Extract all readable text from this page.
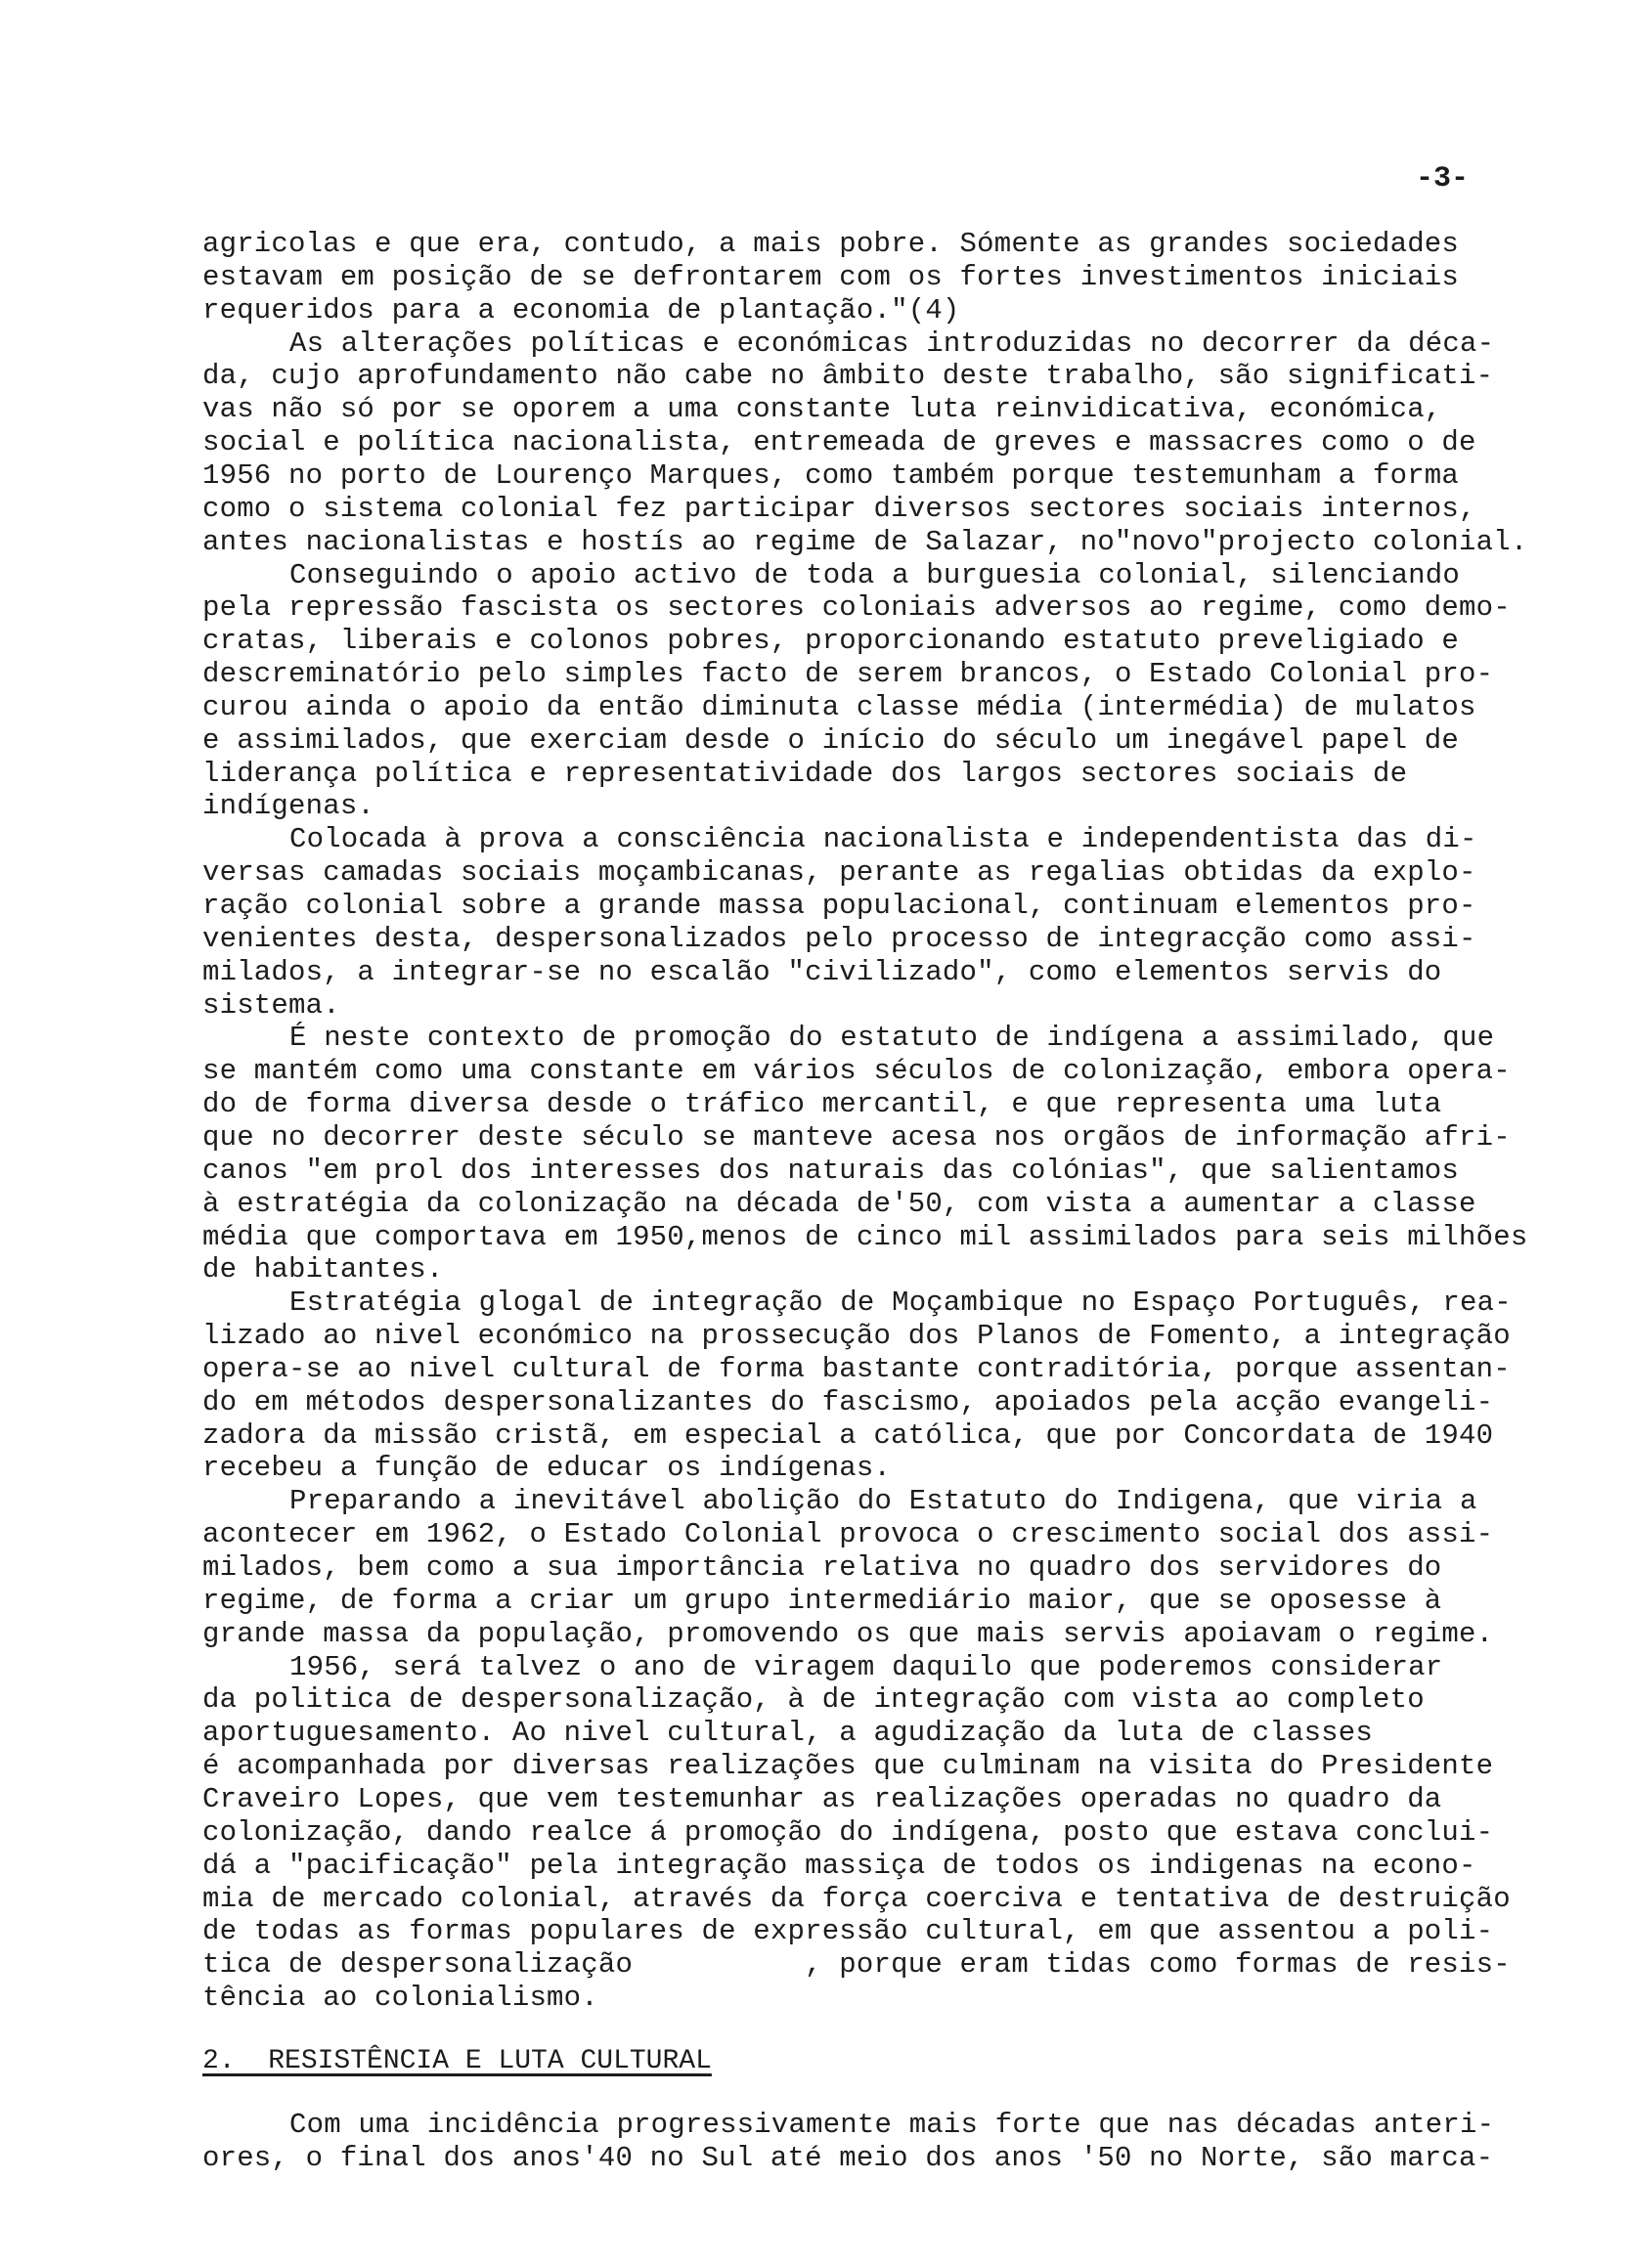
-3-
agricolas e que era, contudo, a mais pobre. Sómente as grandes sociedades
estavam em posição de se defrontarem com os fortes investimentos iniciais
requeridos para a economia de plantação."(4)
As alterações políticas e económicas introduzidas no decorrer da déca-
da, cujo aprofundamento não cabe no âmbito deste trabalho, são significati-
vas não só por se oporem a uma constante luta reinvidicativa, económica,
social e política nacionalista, entremeada de greves e massacres como o de
1956 no porto de Lourenço Marques, como também porque testemunham a forma
como o sistema colonial fez participar diversos sectores sociais internos,
antes nacionalistas e hostís ao regime de Salazar, no"novo"projecto colonial.
Conseguindo o apoio activo de toda a burguesia colonial, silenciando
pela repressão fascista os sectores coloniais adversos ao regime, como demo-
cratas, liberais e colonos pobres, proporcionando estatuto preveligiado e
descreminatório pelo simples facto de serem brancos, o Estado Colonial pro-
curou ainda o apoio da então diminuta classe média (intermédia) de mulatos
e assimilados, que exerciam desde o início do século um inegável papel de
liderança política e representatividade dos largos sectores sociais de
indígenas.
Colocada à prova a consciência nacionalista e independentista das di-
versas camadas sociais moçambicanas, perante as regalias obtidas da explo-
ração colonial sobre a grande massa populacional, continuam elementos pro-
venientes desta, despersonalizados pelo processo de integracção como assi-
milados, a integrar-se no escalão "civilizado", como elementos servis do
sistema.
É neste contexto de promoção do estatuto de indígena a assimilado, que
se mantém como uma constante em vários séculos de colonização, embora opera-
do de forma diversa desde o tráfico mercantil, e que representa uma luta
que no decorrer deste século se manteve acesa nos orgãos de informação afri-
canos "em prol dos interesses dos naturais das colónias", que salientamos
à estratégia da colonização na década de'50, com vista a aumentar a classe
média que comportava em 1950,menos de cinco mil assimilados para seis milhões
de habitantes.
Estratégia glogal de integração de Moçambique no Espaço Português, rea-
lizado ao nivel económico na prossecução dos Planos de Fomento, a integração
opera-se ao nivel cultural de forma bastante contraditória, porque assentan-
do em métodos despersonalizantes do fascismo, apoiados pela acção evangeli-
zadora da missão cristã, em especial a católica, que por Concordata de 1940
recebeu a função de educar os indígenas.
Preparando a inevitável abolição do Estatuto do Indigena, que viria a
acontecer em 1962, o Estado Colonial provoca o crescimento social dos assi-
milados, bem como a sua importância relativa no quadro dos servidores do
regime, de forma a criar um grupo intermediário maior, que se oposesse à
grande massa da população, promovendo os que mais servis apoiavam o regime.
1956, será talvez o ano de viragem daquilo que poderemos considerar
da politica de despersonalização, à de integração com vista ao completo
aportuguesamento. Ao nivel cultural, a agudização da luta de classes
é acompanhada por diversas realizações que culminam na visita do Presidente
Craveiro Lopes, que vem testemunhar as realizações operadas no quadro da
colonização, dando realce á promoção do indígena, posto que estava conclui-
dá a "pacificação" pela integração massiça de todos os indigenas na econo-
mia de mercado colonial, através da força coerciva e tentativa de destruição
de todas as formas populares de expressão cultural, em que assentou a poli-
tica de despersonalização          , porque eram tidas como formas de resis-
tência ao colonialismo.
2.  RESISTÊNCIA E LUTA CULTURAL
Com uma incidência progressivamente mais forte que nas décadas anteri-
ores, o final dos anos'40 no Sul até meio dos anos '50 no Norte, são marca-
